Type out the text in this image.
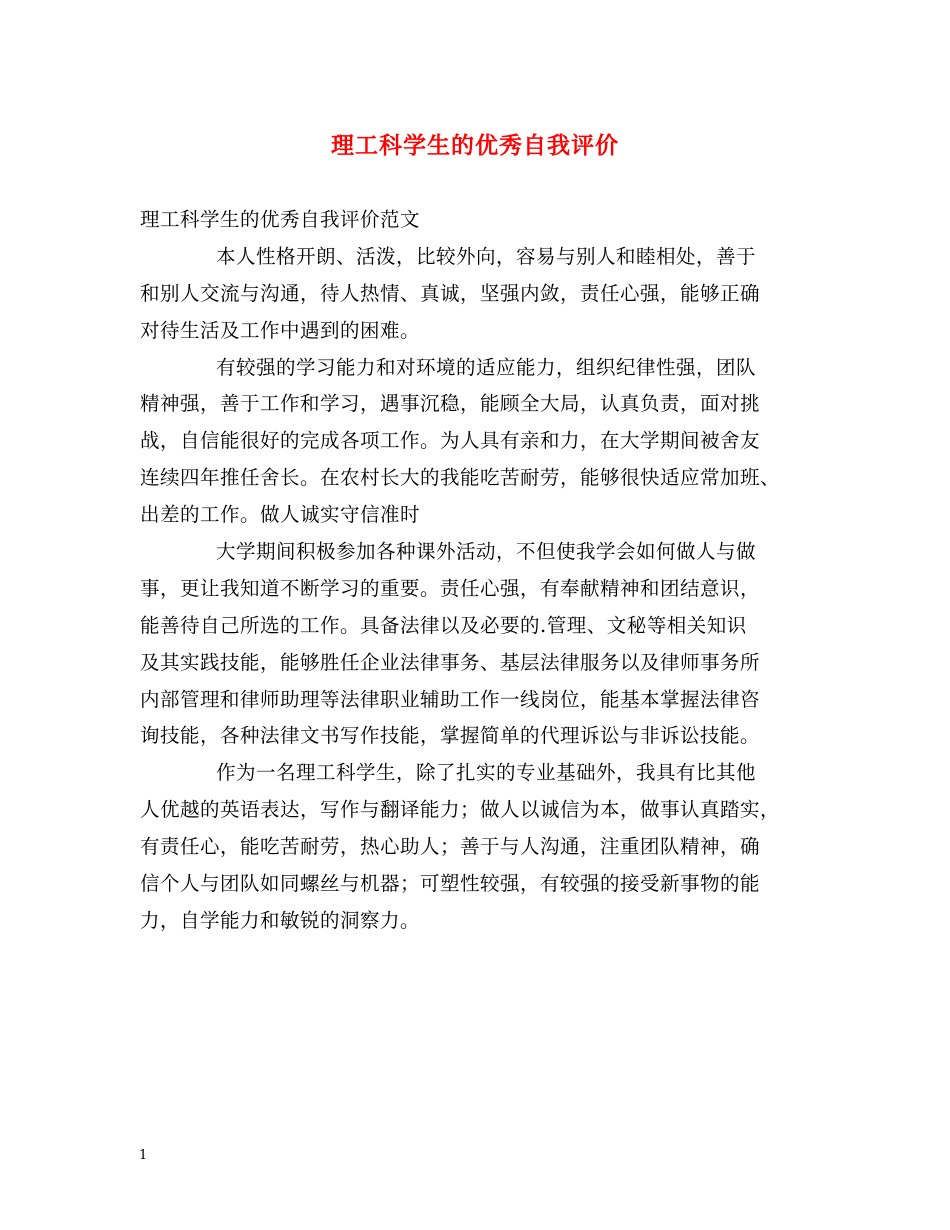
理工科学生的优秀自我评价
理工科学生的优秀自我评价范文
本人性格开朗、活泼，比较外向，容易与别人和睦相处，善于
和别人交流与沟通，待人热情、真诚，坚强内敛，责任心强，能够正确
对待生活及工作中遇到的困难。
有较强的学习能力和对环境的适应能力，组织纪律性强，团队
精神强，善于工作和学习，遇事沉稳，能顾全大局，认真负责，面对挑
战，自信能很好的完成各项工作。为人具有亲和力，在大学期间被舍友
连续四年推任舍长。在农村长大的我能吃苦耐劳，能够很快适应常加班、
出差的工作。做人诚实守信准时
大学期间积极参加各种课外活动，不但使我学会如何做人与做
事，更让我知道不断学习的重要。责任心强，有奉献精神和团结意识，
能善待自己所选的工作。具备法律以及必要的.管理、文秘等相关知识
及其实践技能，能够胜任企业法律事务、基层法律服务以及律师事务所
内部管理和律师助理等法律职业辅助工作一线岗位，能基本掌握法律咨
询技能，各种法律文书写作技能，掌握简单的代理诉讼与非诉讼技能。
作为一名理工科学生，除了扎实的专业基础外，我具有比其他
人优越的英语表达，写作与翻译能力；做人以诚信为本，做事认真踏实，
有责任心，能吃苦耐劳，热心助人；善于与人沟通，注重团队精神，确
信个人与团队如同螺丝与机器；可塑性较强，有较强的接受新事物的能
力，自学能力和敏锐的洞察力。
1
